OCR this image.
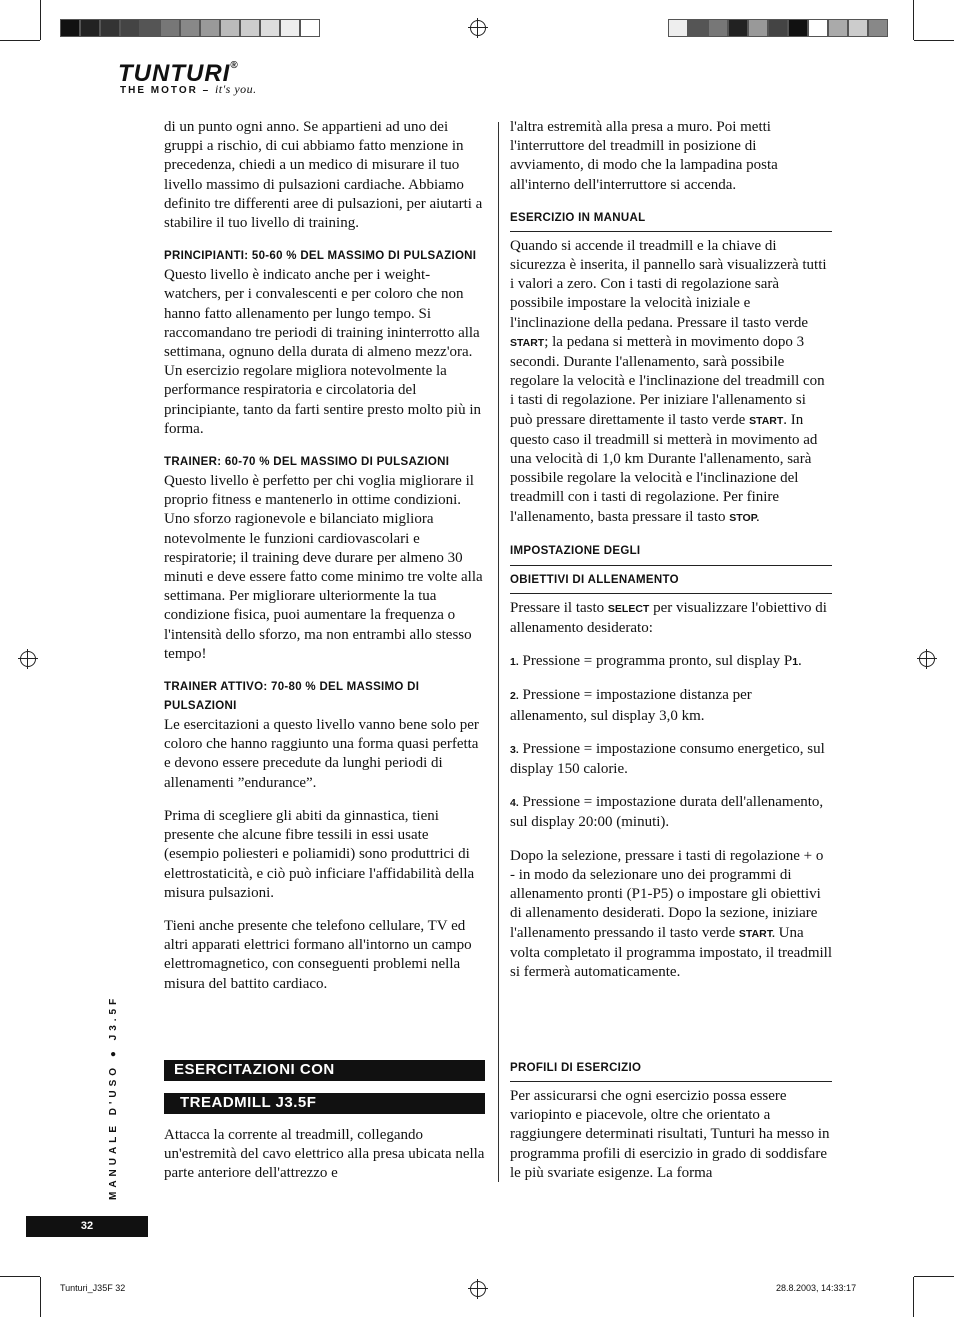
TUNTURI®
THE MOTOR – it's you.

di un punto ogni anno. Se appartieni ad uno dei gruppi a rischio, di cui abbiamo fatto menzione in precedenza, chiedi a un medico di misurare il tuo livello massimo di pulsazioni cardiache. Abbiamo definito tre differenti aree di pulsazioni, per aiutarti a stabilire il tuo livello di training.

PRINCIPIANTI: 50-60 % DEL MASSIMO DI PULSAZIONI

Questo livello è indicato anche per i weight-watchers, per i convalescenti e per coloro che non hanno fatto allenamento per lungo tempo. Si raccomandano tre periodi di training ininterrotto alla settimana, ognuno della durata di almeno mezz'ora. Un esercizio regolare migliora notevolmente la performance respiratoria e circolatoria del principiante, tanto da farti sentire presto molto più in forma.

TRAINER: 60-70 % DEL MASSIMO DI PULSAZIONI

Questo livello è perfetto per chi voglia migliorare il proprio fitness e mantenerlo in ottime condizioni. Uno sforzo ragionevole e bilanciato migliora notevolmente le funzioni cardiovascolari e respiratorie; il training deve durare per almeno 30 minuti e deve essere fatto come minimo tre volte alla settimana. Per migliorare ulteriormente la tua condizione fisica, puoi aumentare la frequenza o l'intensità dello sforzo, ma non entrambi allo stesso tempo!

TRAINER ATTIVO: 70-80 % DEL MASSIMO DI PULSAZIONI

Le esercitazioni a questo livello vanno bene solo per coloro che hanno raggiunto una forma quasi perfetta e devono essere precedute da lunghi periodi di allenamenti ”endurance”.

Prima di scegliere gli abiti da ginnastica, tieni presente che alcune fibre tessili in essi usate (esempio poliesteri e poliamidi) sono produttrici di elettrostaticità, e ciò può inficiare l'affidabilità della misura pulsazioni.

Tieni anche presente che telefono cellulare, TV ed altri apparati elettrici formano all'intorno un campo elettromagnetico, con conseguenti problemi nella misura del battito cardiaco.

ESERCITAZIONI CON
TREADMILL J3.5F

Attacca la corrente al treadmill, collegando un'estremità del cavo elettrico alla presa ubicata nella parte anteriore dell'attrezzo e

l'altra estremità alla presa a muro. Poi metti l'interruttore del treadmill in posizione di avviamento, di modo che la lampadina posta all'interno dell'interruttore si accenda.

ESERCIZIO IN MANUAL

Quando si accende il treadmill e la chiave di sicurezza è inserita, il pannello sarà visualizzerà tutti i valori a zero. Con i tasti di regolazione sarà possibile impostare la velocità iniziale e l'inclinazione della pedana. Pressare il tasto verde START; la pedana si metterà in movimento dopo 3 secondi. Durante l'allenamento, sarà possibile regolare la velocità e l'inclinazione del treadmill con i tasti di regolazione. Per iniziare l'allenamento si può pressare direttamente il tasto verde START. In questo caso il treadmill si metterà in movimento ad una velocità di 1,0 km Durante l'allenamento, sarà possibile regolare la velocità e l'inclinazione del treadmill con i tasti di regolazione. Per finire l'allenamento, basta pressare il tasto STOP.

IMPOSTAZIONE DEGLI
OBIETTIVI DI ALLENAMENTO

Pressare il tasto SELECT per visualizzare l'obiettivo di allenamento desiderato:

1. Pressione = programma pronto, sul display P1.

2. Pressione = impostazione distanza per allenamento, sul display 3,0 km.

3. Pressione = impostazione consumo energetico, sul display 150 calorie.

4. Pressione = impostazione durata dell'allenamento, sul display 20:00 (minuti).

Dopo la selezione, pressare i tasti di regolazione + o - in modo da selezionare uno dei programmi di allenamento pronti (P1-P5) o impostare gli obiettivi di allenamento desiderati. Dopo la sezione, iniziare l'allenamento pressando il tasto verde START. Una volta completato il programma impostato, il treadmill si fermerà automaticamente.

PROFILI DI ESERCIZIO

Per assicurarsi che ogni esercizio possa essere variopinto e piacevole, oltre che orientato a raggiungere determinati risultati, Tunturi ha messo in programma profili di esercizio in grado di soddisfare le più svariate esigenze. La forma

MANUALE D'USO ● J3.5F
32
Tunturi_J35F 32	28.8.2003, 14:33:17
